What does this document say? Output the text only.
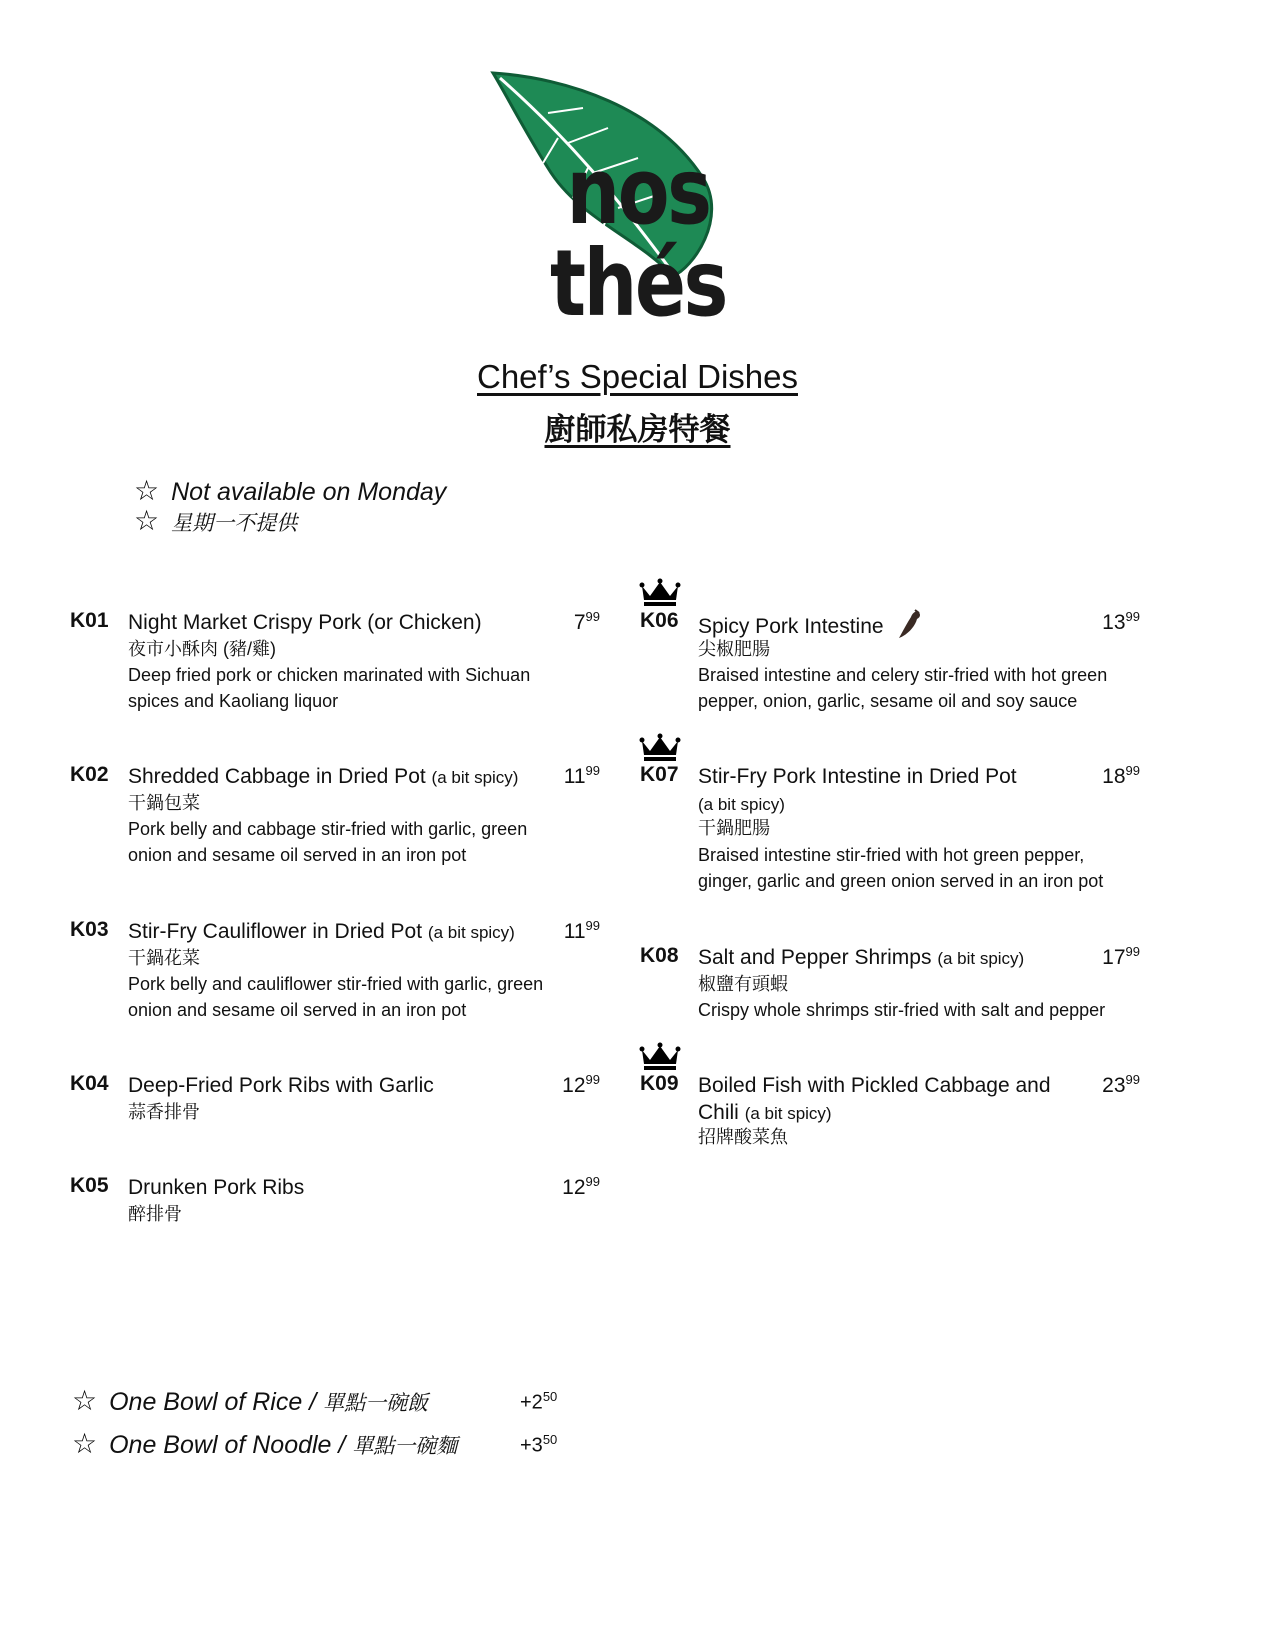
nos thés
Chef’s Special Dishes
廚師私房特餐
☆ Not available on Monday
☆ 星期一不提供
K01 Night Market Crispy Pork (or Chicken)	$7^{99}$
夜市小酥肉 (豬/雞)
Deep fried pork or chicken marinated with Sichuan spices and Kaoliang liquor
K02 Shredded Cabbage in Dried Pot (a bit spicy)	$11^{99}$
干鍋包菜
Pork belly and cabbage stir-fried with garlic, green onion and sesame oil served in an iron pot
K03 Stir-Fry Cauliflower in Dried Pot (a bit spicy)	$11^{99}$
干鍋花菜
Pork belly and cauliflower stir-fried with garlic, green onion and sesame oil served in an iron pot
K04 Deep-Fried Pork Ribs with Garlic	$12^{99}$
蒜香排骨
K05 Drunken Pork Ribs	$12^{99}$
醉排骨
K06 Spicy Pork Intestine	$13^{99}$
尖椒肥腸
Braised intestine and celery stir-fried with hot green pepper, onion, garlic, sesame oil and soy sauce
K07 Stir-Fry Pork Intestine in Dried Pot
(a bit spicy)
$18^{99}$
干鍋肥腸
Braised intestine stir-fried with hot green pepper, ginger, garlic and green onion served in an iron pot
K08 Salt and Pepper Shrimps (a bit spicy)	$17^{99}$
椒鹽有頭蝦
Crispy whole shrimps stir-fried with salt and pepper
K09 Boiled Fish with Pickled Cabbage and Chili (a bit spicy)
$23^{99}$
招牌酸菜魚
☆ One Bowl of Rice / 單點一碗飯	$+2^{50}$
☆ One Bowl of Noodle / 單點一碗麵	$+3^{50}$
